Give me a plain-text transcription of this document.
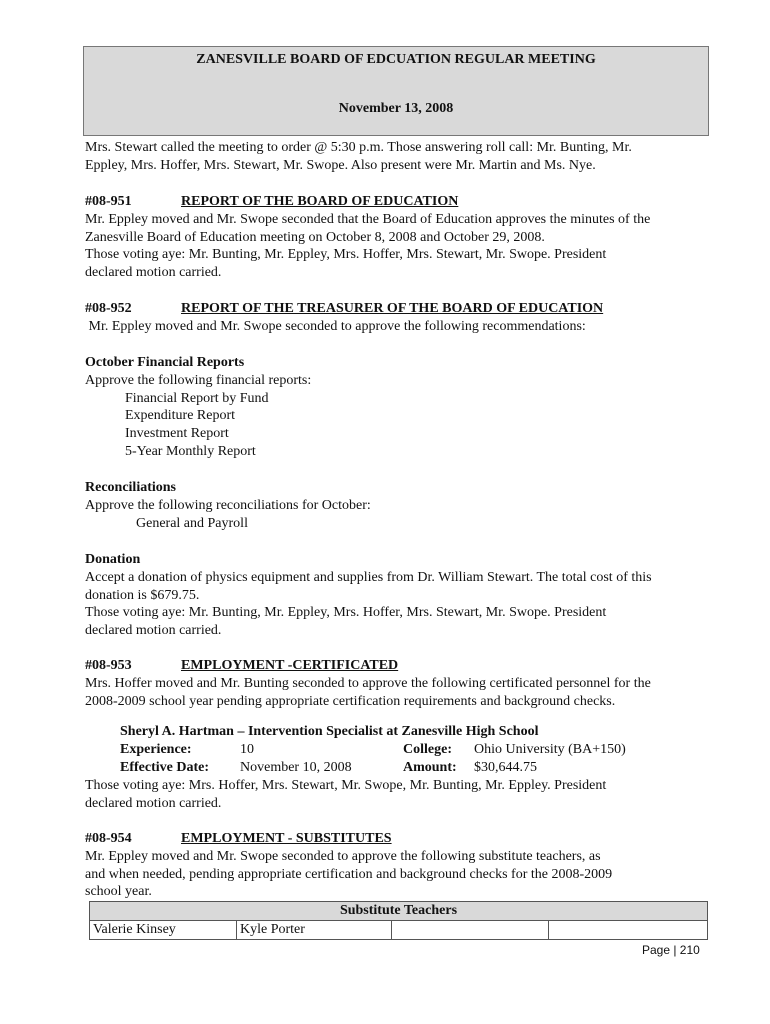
ZANESVILLE BOARD OF EDCUATION REGULAR MEETING
November 13, 2008
Mrs. Stewart called the meeting to order @ 5:30 p.m. Those answering roll call: Mr. Bunting, Mr.
Eppley, Mrs. Hoffer, Mrs. Stewart, Mr. Swope. Also present were Mr. Martin and Ms. Nye.
#08-951	REPORT OF THE BOARD OF EDUCATION
Mr. Eppley moved and Mr. Swope seconded that the Board of Education approves the minutes of the
Zanesville Board of Education meeting on October 8, 2008 and October 29, 2008.
Those voting aye: Mr. Bunting, Mr. Eppley, Mrs. Hoffer, Mrs. Stewart, Mr. Swope. President
declared motion carried.
#08-952	REPORT OF THE TREASURER OF THE BOARD OF EDUCATION
Mr. Eppley moved and Mr. Swope seconded to approve the following recommendations:
October Financial Reports
Approve the following financial reports:
Financial Report by Fund
Expenditure Report
Investment Report
5-Year Monthly Report
Reconciliations
Approve the following reconciliations for October:
General and Payroll
Donation
Accept a donation of physics equipment and supplies from Dr. William Stewart. The total cost of this
donation is $679.75.
Those voting aye: Mr. Bunting, Mr. Eppley, Mrs. Hoffer, Mrs. Stewart, Mr. Swope. President
declared motion carried.
#08-953	EMPLOYMENT -CERTIFICATED
Mrs. Hoffer moved and Mr. Bunting seconded to approve the following certificated personnel for the
2008-2009 school year pending appropriate certification requirements and background checks.
Sheryl A. Hartman – Intervention Specialist at Zanesville High School
Experience:	10	College: Ohio University (BA+150)
Effective Date: November 10, 2008	Amount: $30,644.75
Those voting aye: Mrs. Hoffer, Mrs. Stewart, Mr. Swope, Mr. Bunting, Mr. Eppley. President
declared motion carried.
#08-954	EMPLOYMENT - SUBSTITUTES
Mr. Eppley moved and Mr. Swope seconded to approve the following substitute teachers, as
and when needed, pending appropriate certification and background checks for the 2008-2009
school year.
Substitute Teachers
Valerie Kinsey	Kyle Porter		
Page | 210
